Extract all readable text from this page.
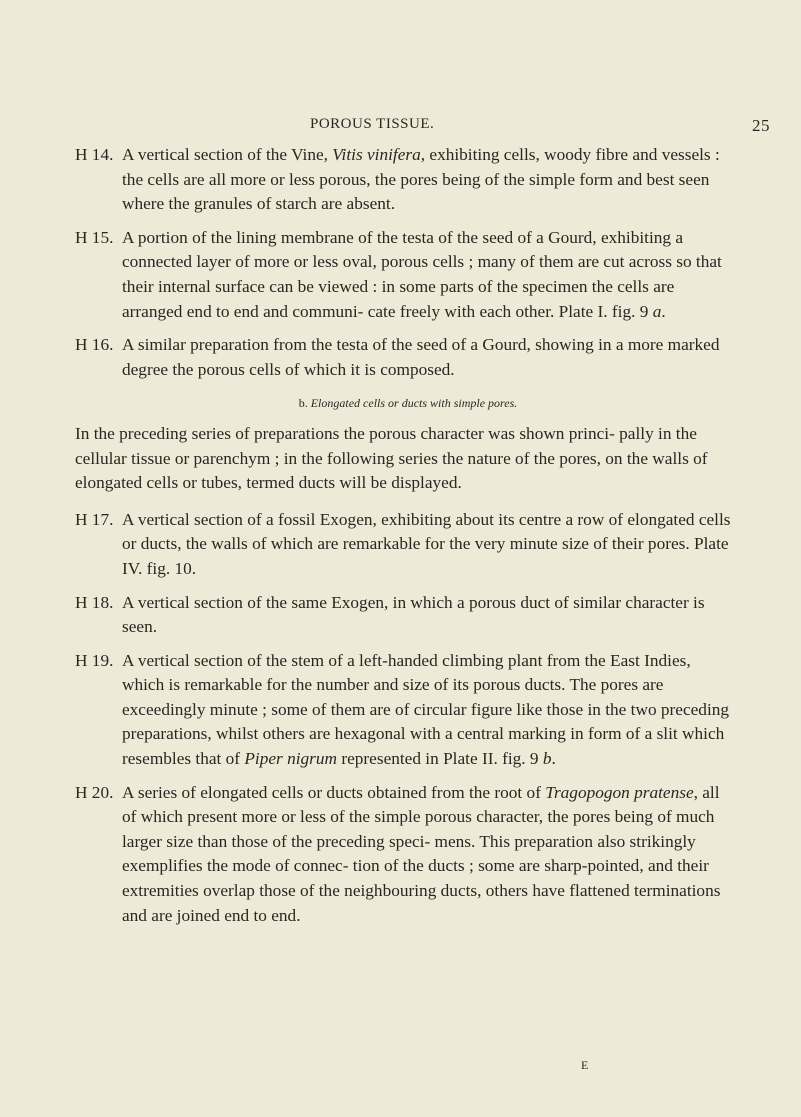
POROUS TISSUE.	25
H 14. A vertical section of the Vine, Vitis vinifera, exhibiting cells, woody fibre and vessels : the cells are all more or less porous, the pores being of the simple form and best seen where the granules of starch are absent.
H 15. A portion of the lining membrane of the testa of the seed of a Gourd, exhibiting a connected layer of more or less oval, porous cells ; many of them are cut across so that their internal surface can be viewed : in some parts of the specimen the cells are arranged end to end and communi- cate freely with each other. Plate I. fig. 9 a.
H 16. A similar preparation from the testa of the seed of a Gourd, showing in a more marked degree the porous cells of which it is composed.
b. Elongated cells or ducts with simple pores.
In the preceding series of preparations the porous character was shown princi- pally in the cellular tissue or parenchym ; in the following series the nature of the pores, on the walls of elongated cells or tubes, termed ducts will be displayed.
H 17. A vertical section of a fossil Exogen, exhibiting about its centre a row of elongated cells or ducts, the walls of which are remarkable for the very minute size of their pores. Plate IV. fig. 10.
H 18. A vertical section of the same Exogen, in which a porous duct of similar character is seen.
H 19. A vertical section of the stem of a left-handed climbing plant from the East Indies, which is remarkable for the number and size of its porous ducts. The pores are exceedingly minute ; some of them are of circular figure like those in the two preceding preparations, whilst others are hexagonal with a central marking in form of a slit which resembles that of Piper nigrum represented in Plate II. fig. 9 b.
H 20. A series of elongated cells or ducts obtained from the root of Tragopogon pratense, all of which present more or less of the simple porous character, the pores being of much larger size than those of the preceding speci- mens. This preparation also strikingly exemplifies the mode of connec- tion of the ducts ; some are sharp-pointed, and their extremities overlap those of the neighbouring ducts, others have flattened terminations and are joined end to end.
E
